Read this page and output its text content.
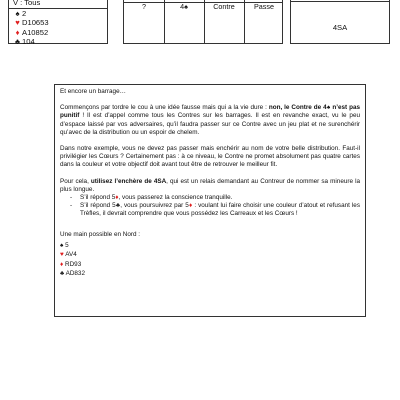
V : Tous
♠ 2
♥ D10653
♦ A10852
♣ 104
?	4♠	Contre	Passe
4SA

Et encore un barrage…

Commençons par tordre le cou à une idée fausse mais qui a la vie dure : non, le Contre de 4♠ n’est pas punitif ! Il est d’appel comme tous les Contres sur les barrages. Il est en revanche exact, vu le peu d’espace laissé par vos adversaires, qu’il faudra passer sur ce Contre avec un jeu plat et ne surenchérir qu’avec de la distribution ou un espoir de chelem.

Dans notre exemple, vous ne devez pas passer mais enchérir au nom de votre belle distribution. Faut-il privilégier les Cœurs ? Certainement pas : à ce niveau, le Contre ne promet absolument pas quatre cartes dans la couleur et votre objectif doit avant tout être de retrouver le meilleur fit.

Pour cela, utilisez l’enchère de 4SA, qui est un relais demandant au Contreur de nommer sa mineure la plus longue.

- S’il répond 5♦, vous passerez la conscience tranquille.
- S’il répond 5♣, vous poursuivrez par 5♦ : voulant lui faire choisir une couleur d’atout et refusant les Trèfles, il devrait comprendre que vous possédez les Carreaux et les Cœurs !

Une main possible en Nord :

♠ 5
♥ AV4
♦ RD93
♣ AD832
